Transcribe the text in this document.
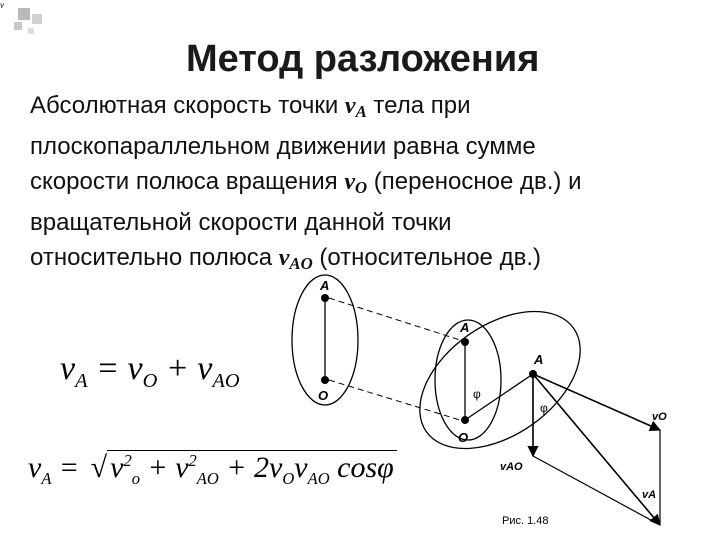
v
Метод разложения
Абсолютная скорость точки $v_A$ тела при
плоскопараллельном движении равна сумме
скорости полюса вращения $v_O$ (переносное дв.) и
вращательной скорости данной точки
относительно полюса $v_{AO}$ (относительное дв.)
$v_A = v_O + v_{AO}$
$v_A$ = √ $v^2_o + v^2_{AO} + 2v_Ov_{AO}$ cosφ
A
O
A
O
φ
A
φ
vO
vAO
vA
Рис. 1.48
